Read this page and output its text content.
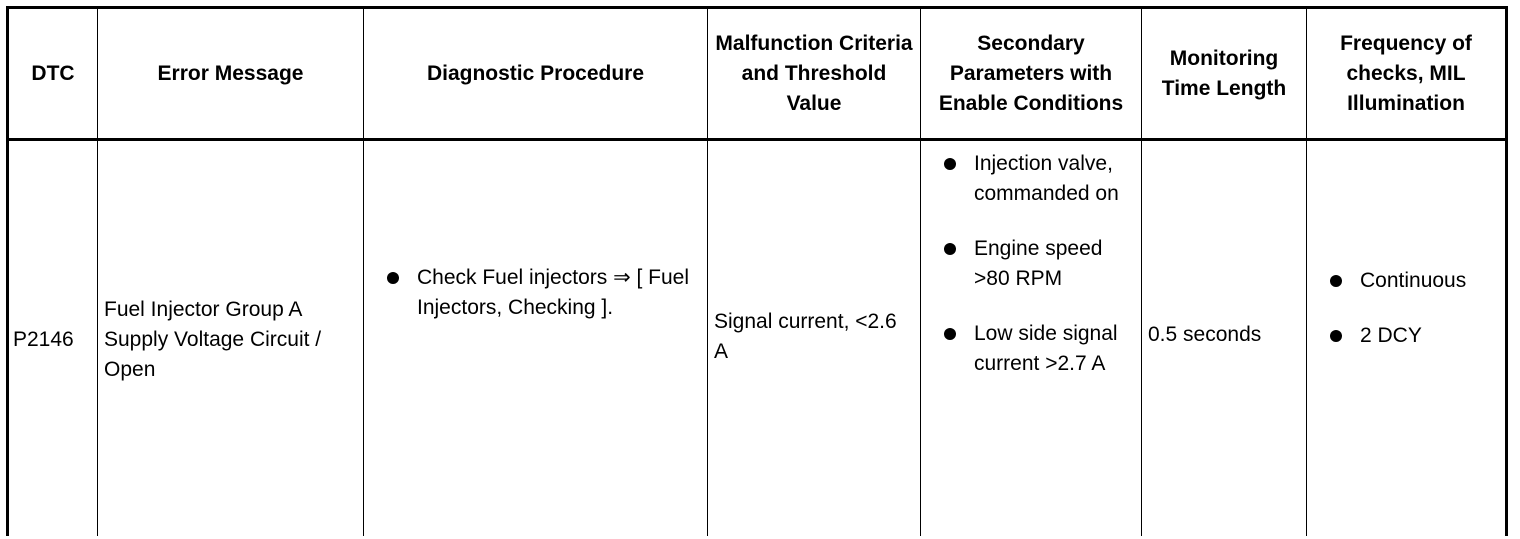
DTC	Error Message	Diagnostic Procedure
Malfunction Criteria and Threshold Value
Secondary Parameters with Enable Conditions
Monitoring Time Length
Frequency of checks, MIL Illumination
P2146
Fuel Injector Group A Supply Voltage Circuit / Open
Check Fuel injectors ⇒ [ Fuel Injectors, Checking ].
Signal current, <2.6 A
Injection valve, commanded on
Engine speed >80 RPM
Low side signal current >2.7 A
0.5 seconds
Continuous
2 DCY
